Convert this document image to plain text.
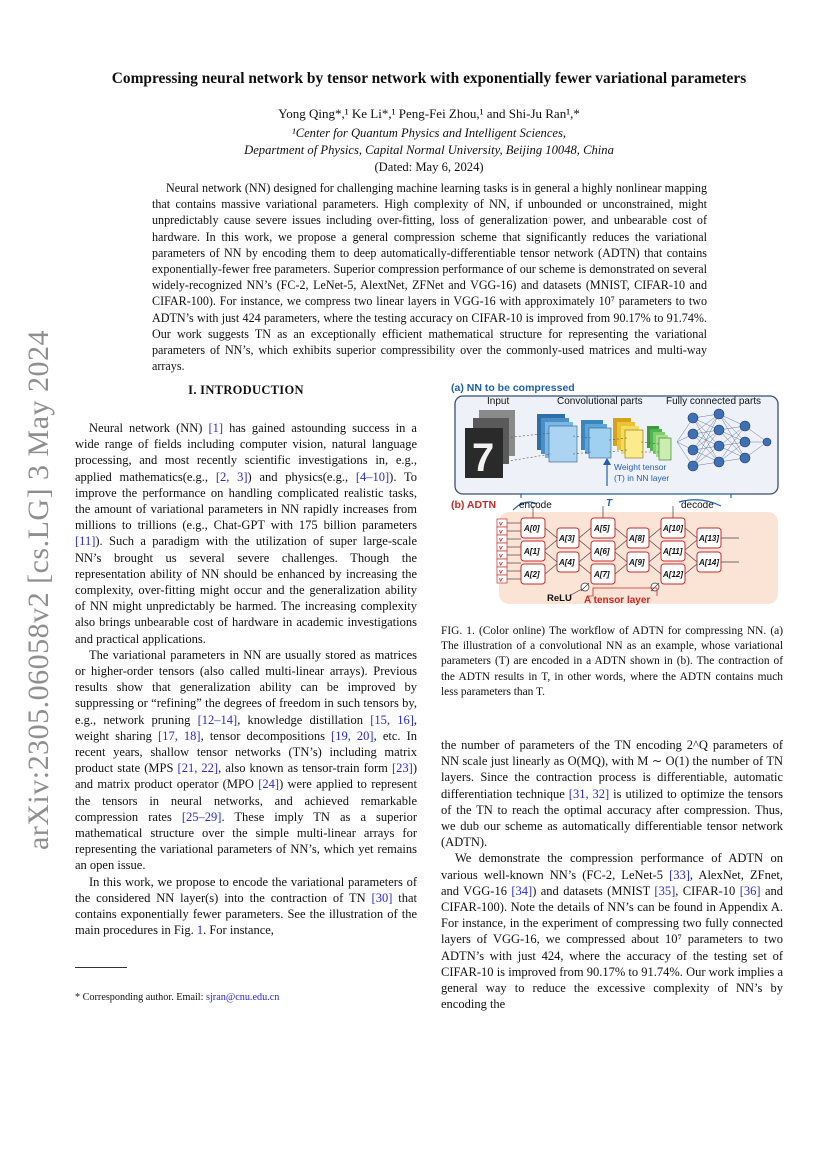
arXiv:2305.06058v2 [cs.LG] 3 May 2024
Compressing neural network by tensor network with exponentially fewer variational parameters
Yong Qing*,¹ Ke Li*,¹ Peng-Fei Zhou,¹ and Shi-Ju Ran¹,*
¹Center for Quantum Physics and Intelligent Sciences,
Department of Physics, Capital Normal University, Beijing 10048, China
(Dated: May 6, 2024)

Neural network (NN) designed for challenging machine learning tasks is in general a highly nonlinear mapping that contains massive variational parameters. High complexity of NN, if unbounded or unconstrained, might unpredictably cause severe issues including over-fitting, loss of generalization power, and unbearable cost of hardware. In this work, we propose a general compression scheme that significantly reduces the variational parameters of NN by encoding them to deep automatically-differentiable tensor network (ADTN) that contains exponentially-fewer free parameters. Superior compression performance of our scheme is demonstrated on several widely-recognized NN’s (FC-2, LeNet-5, AlextNet, ZFNet and VGG-16) and datasets (MNIST, CIFAR-10 and CIFAR-100). For instance, we compress two linear layers in VGG-16 with approximately 10⁷ parameters to two ADTN’s with just 424 parameters, where the testing accuracy on CIFAR-10 is improved from 90.17% to 91.74%. Our work suggests TN as an exceptionally efficient mathematical structure for representing the variational parameters of NN’s, which exhibits superior compressibility over the commonly-used matrices and multi-way arrays.

I. INTRODUCTION

Neural network (NN) [1] has gained astounding success in a wide range of fields including computer vision, natural language processing, and most recently scientific investigations in, e.g., applied mathematics(e.g., [2, 3]) and physics(e.g., [4–10]). To improve the performance on handling complicated realistic tasks, the amount of variational parameters in NN rapidly increases from millions to trillions (e.g., Chat-GPT with 175 billion parameters [11]). Such a paradigm with the utilization of super large-scale NN’s brought us several severe challenges. Though the representation ability of NN should be enhanced by increasing the complexity, over-fitting might occur and the generalization ability of NN might unpredictably be harmed. The increasing complexity also brings unbearable cost of hardware in academic investigations and practical applications.

The variational parameters in NN are usually stored as matrices or higher-order tensors (also called multi-linear arrays). Previous results show that generalization ability can be improved by suppressing or “refining” the degrees of freedom in such tensors by, e.g., network pruning [12–14], knowledge distillation [15, 16], weight sharing [17, 18], tensor decompositions [19, 20], etc. In recent years, shallow tensor networks (TN’s) including matrix product state (MPS [21, 22], also known as tensor-train form [23]) and matrix product operator (MPO [24]) were applied to represent the tensors in neural networks, and achieved remarkable compression rates [25–29]. These imply TN as a superior mathematical structure over the simple multi-linear arrays for representing the variational parameters of NN’s, which yet remains an open issue.

In this work, we propose to encode the variational parameters of the considered NN layer(s) into the contraction of TN [30] that contains exponentially fewer parameters. See the illustration of the main procedures in Fig. 1. For instance,

* Corresponding author. Email: sjran@cnu.edu.cn
(a) NN to be compressed
Input	Convolutional parts Fully connected parts
7	Weight tensor
(T) in NN layer
(b) ADTN encode	decode
T
v
v
v
v
v
v
v
v
A[0]
A[1]
A[2]
A[3]
A[4]
A[5]
A[6]
A[7]
A[8]
A[9]
A[10]
A[11]
A[12]
A[13]
A[14]
ReLU A tensor layer
FIG. 1. (Color online) The workflow of ADTN for compressing NN. (a) The illustration of a convolutional NN as an example, whose variational parameters (T) are encoded in a ADTN shown in (b). The contraction of the ADTN results in T, in other words, where the ADTN contains much less parameters than T.

the number of parameters of the TN encoding 2^Q parameters of NN scale just linearly as O(MQ), with M ∼ O(1) the number of TN layers. Since the contraction process is differentiable, automatic differentiation technique [31, 32] is utilized to optimize the tensors of the TN to reach the optimal accuracy after compression. Thus, we dub our scheme as automatically differentiable tensor network (ADTN).

We demonstrate the compression performance of ADTN on various well-known NN’s (FC-2, LeNet-5 [33], AlexNet, ZFnet, and VGG-16 [34]) and datasets (MNIST [35], CIFAR-10 [36] and CIFAR-100). Note the details of NN’s can be found in Appendix A. For instance, in the experiment of compressing two fully connected layers of VGG-16, we compressed about 10⁷ parameters to two ADTN’s with just 424, where the accuracy of the testing set of CIFAR-10 is improved from 90.17% to 91.74%. Our work implies a general way to reduce the excessive complexity of NN’s by encoding the
